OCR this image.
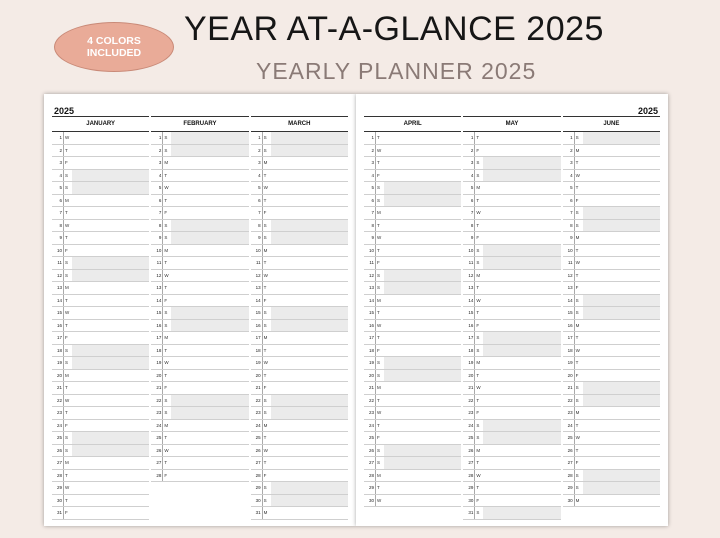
4 COLORS
INCLUDED
YEAR AT-A-GLANCE 2025
YEARLY PLANNER 2025
2025
JANUARY
1 W
2 T
3 F
4 S
5 S
6 M
7 T
8 W
9 T
10 F
11 S
12 S
13 M
14 T
15 W
16 T
17 F
18 S
19 S
20 M
21 T
22 W
23 T
24 F
25 S
26 S
27 M
28 T
29 W
30 T
31 F
FEBRUARY
1 S
2 S
3 M
4 T
5 W
6 T
7 F
8 S
9 S
10 M
11 T
12 W
13 T
14 F
15 S
16 S
17 M
18 T
19 W
20 T
21 F
22 S
23 S
24 M
25 T
26 W
27 T
28 F
MARCH
1 S
2 S
3 M
4 T
5 W
6 T
7 F
8 S
9 S
10 M
11 T
12 W
13 T
14 F
15 S
16 S
17 M
18 T
19 W
20 T
21 F
22 S
23 S
24 M
25 T
26 W
27 T
28 F
29 S
30 S
31 M
2025
APRIL
1 T
2 W
3 T
4 F
5 S
6 S
7 M
8 T
9 W
10 T
11 F
12 S
13 S
14 M
15 T
16 W
17 T
18 F
19 S
20 S
21 M
22 T
23 W
24 T
25 F
26 S
27 S
28 M
29 T
30 W
MAY
1 T
2 F
3 S
4 S
5 M
6 T
7 W
8 T
9 F
10 S
11 S
12 M
13 T
14 W
15 T
16 F
17 S
18 S
19 M
20 T
21 W
22 T
23 F
24 S
25 S
26 M
27 T
28 W
29 T
30 F
31 S
JUNE
1 S
2 M
3 T
4 W
5 T
6 F
7 S
8 S
9 M
10 T
11 W
12 T
13 F
14 S
15 S
16 M
17 T
18 W
19 T
20 F
21 S
22 S
23 M
24 T
25 W
26 T
27 F
28 S
29 S
30 M
